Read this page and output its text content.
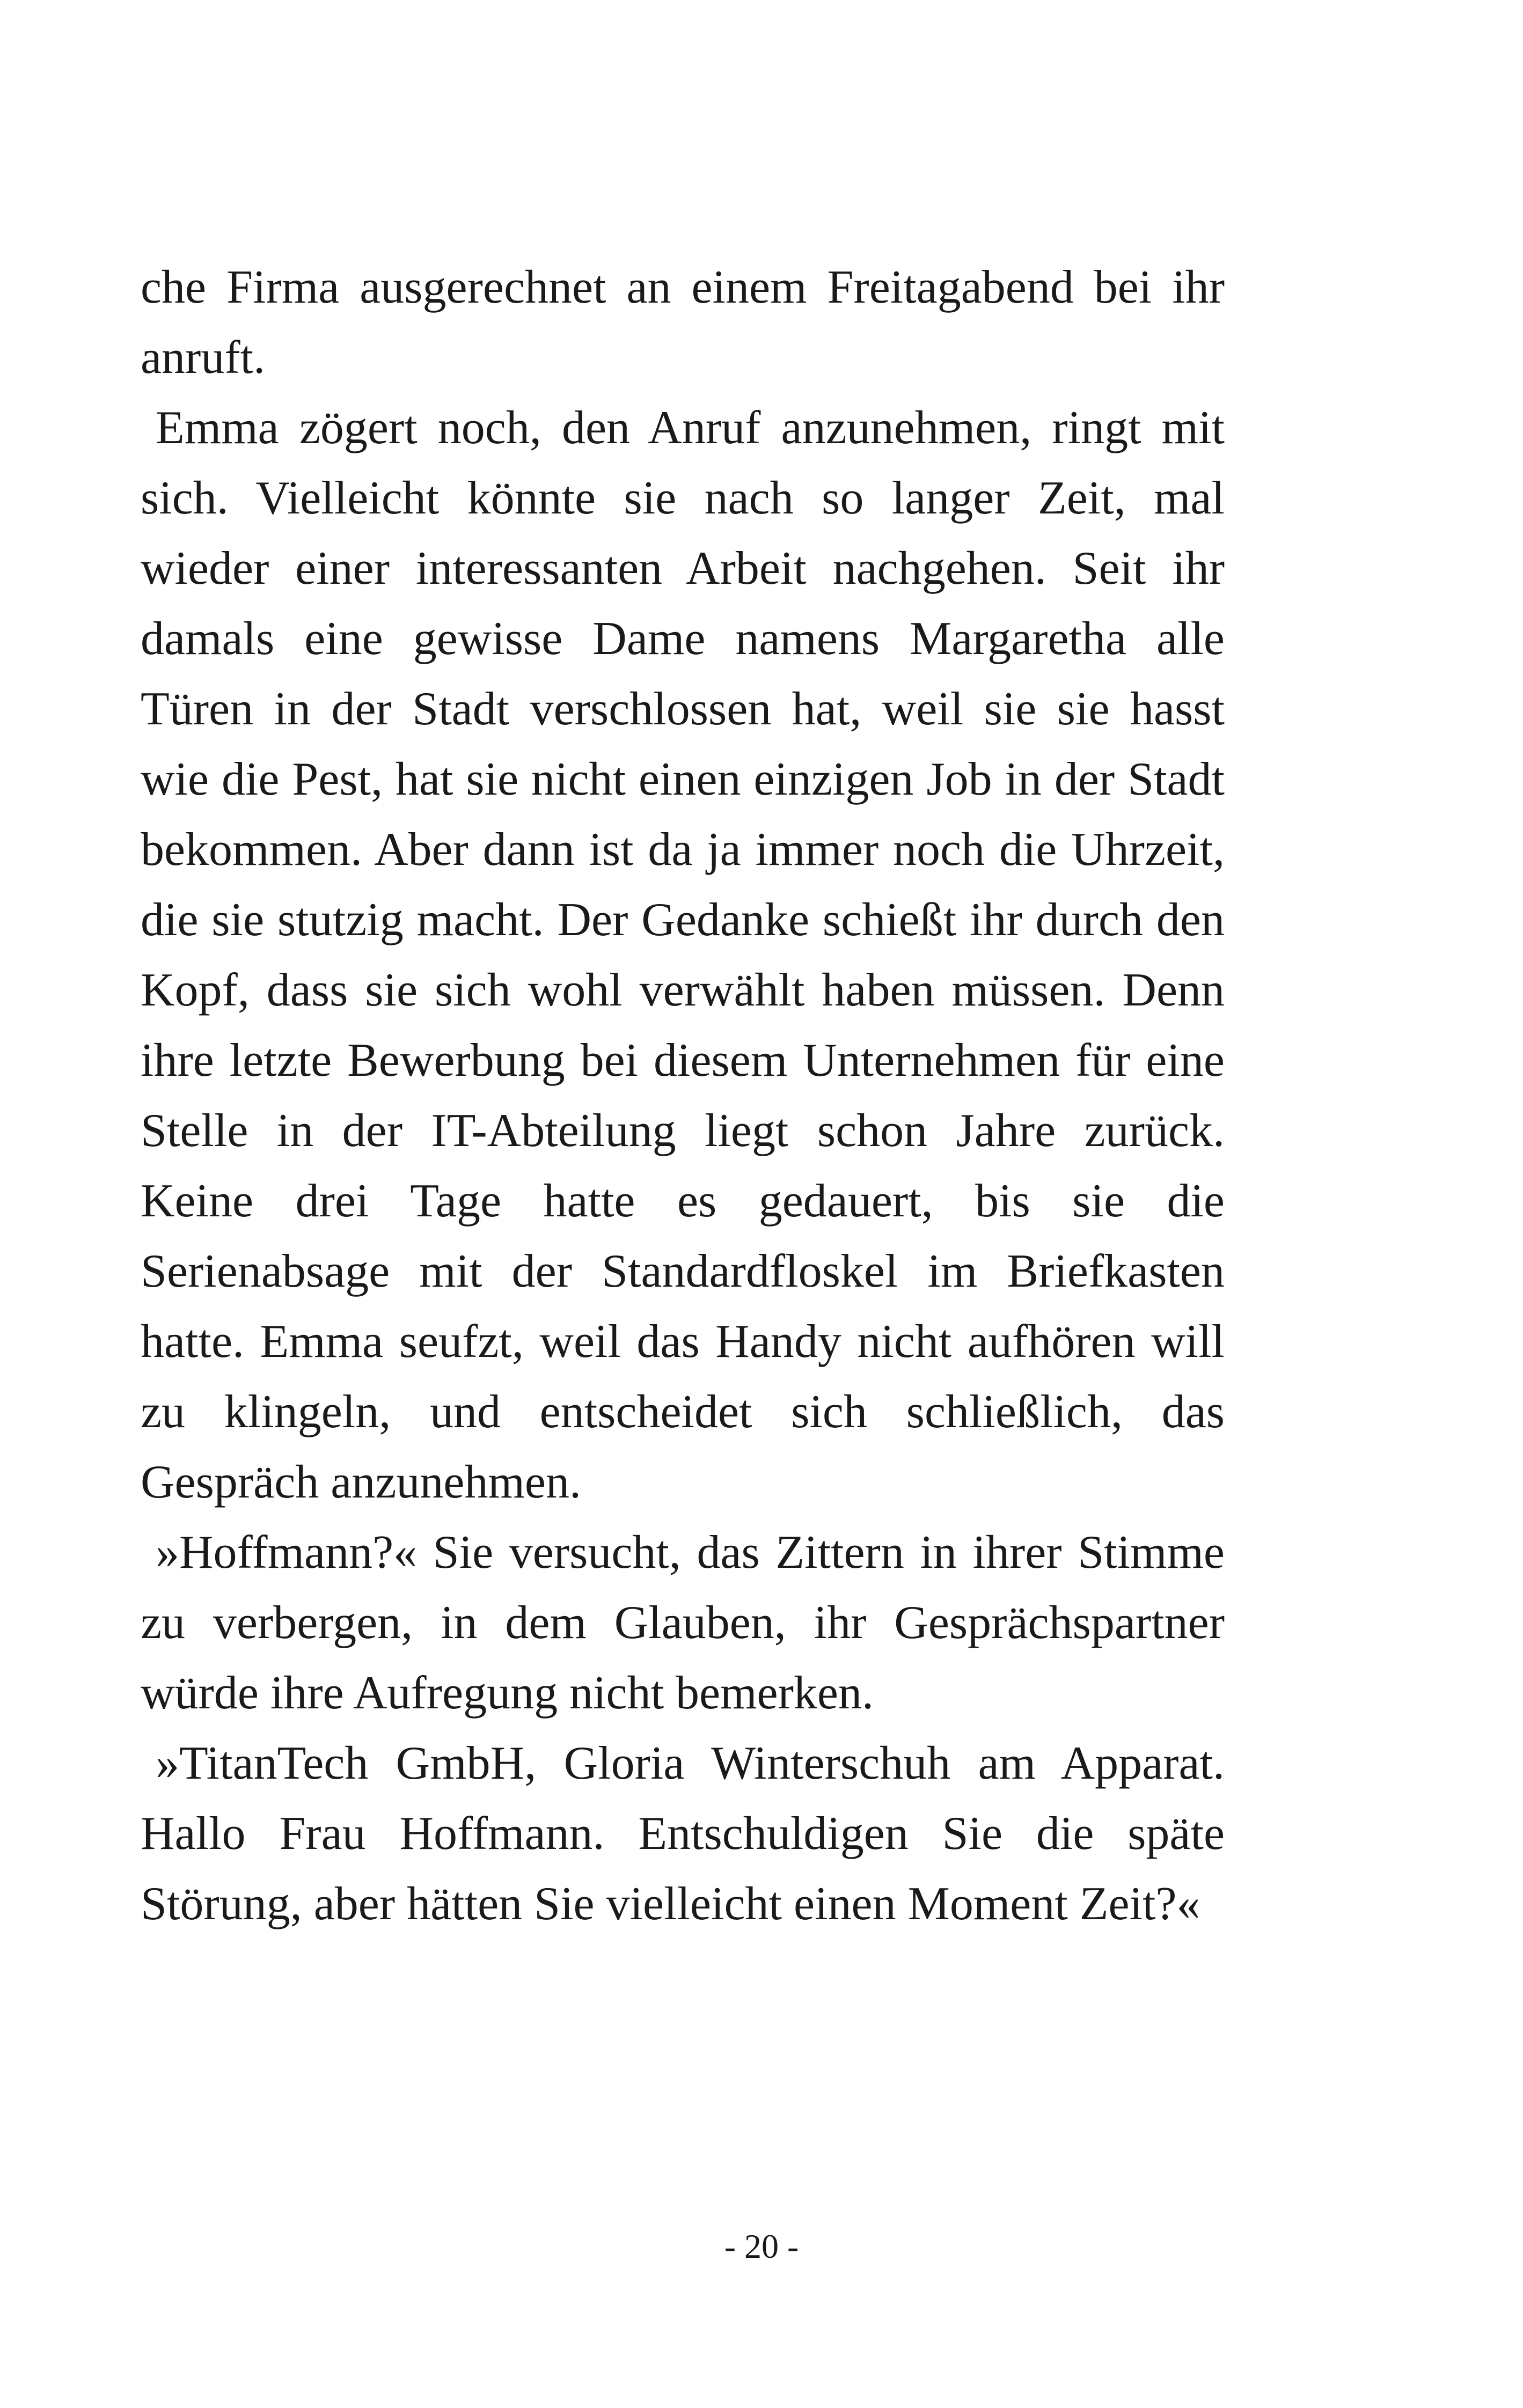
che Firma ausgerechnet an einem Freitagabend bei ihr anruft.

Emma zögert noch, den Anruf anzunehmen, ringt mit sich. Vielleicht könnte sie nach so langer Zeit, mal wieder einer interessanten Arbeit nachgehen. Seit ihr damals eine gewisse Dame namens Margaretha alle Türen in der Stadt verschlossen hat, weil sie sie hasst wie die Pest, hat sie nicht einen einzigen Job in der Stadt bekommen. Aber dann ist da ja immer noch die Uhrzeit, die sie stutzig macht. Der Gedanke schießt ihr durch den Kopf, dass sie sich wohl verwählt haben müssen. Denn ihre letzte Bewerbung bei diesem Unternehmen für eine Stelle in der IT-Abteilung liegt schon Jahre zurück. Keine drei Tage hatte es gedauert, bis sie die Serienabsage mit der Standardfloskel im Briefkasten hatte. Emma seufzt, weil das Handy nicht aufhören will zu klingeln, und entscheidet sich schließlich, das Gespräch anzunehmen.

»Hoffmann?« Sie versucht, das Zittern in ihrer Stimme zu verbergen, in dem Glauben, ihr Gesprächspartner würde ihre Aufregung nicht bemerken.

»TitanTech GmbH, Gloria Winterschuh am Apparat. Hallo Frau Hoffmann. Entschuldigen Sie die späte Störung, aber hätten Sie vielleicht einen Moment Zeit?«

- 20 -
